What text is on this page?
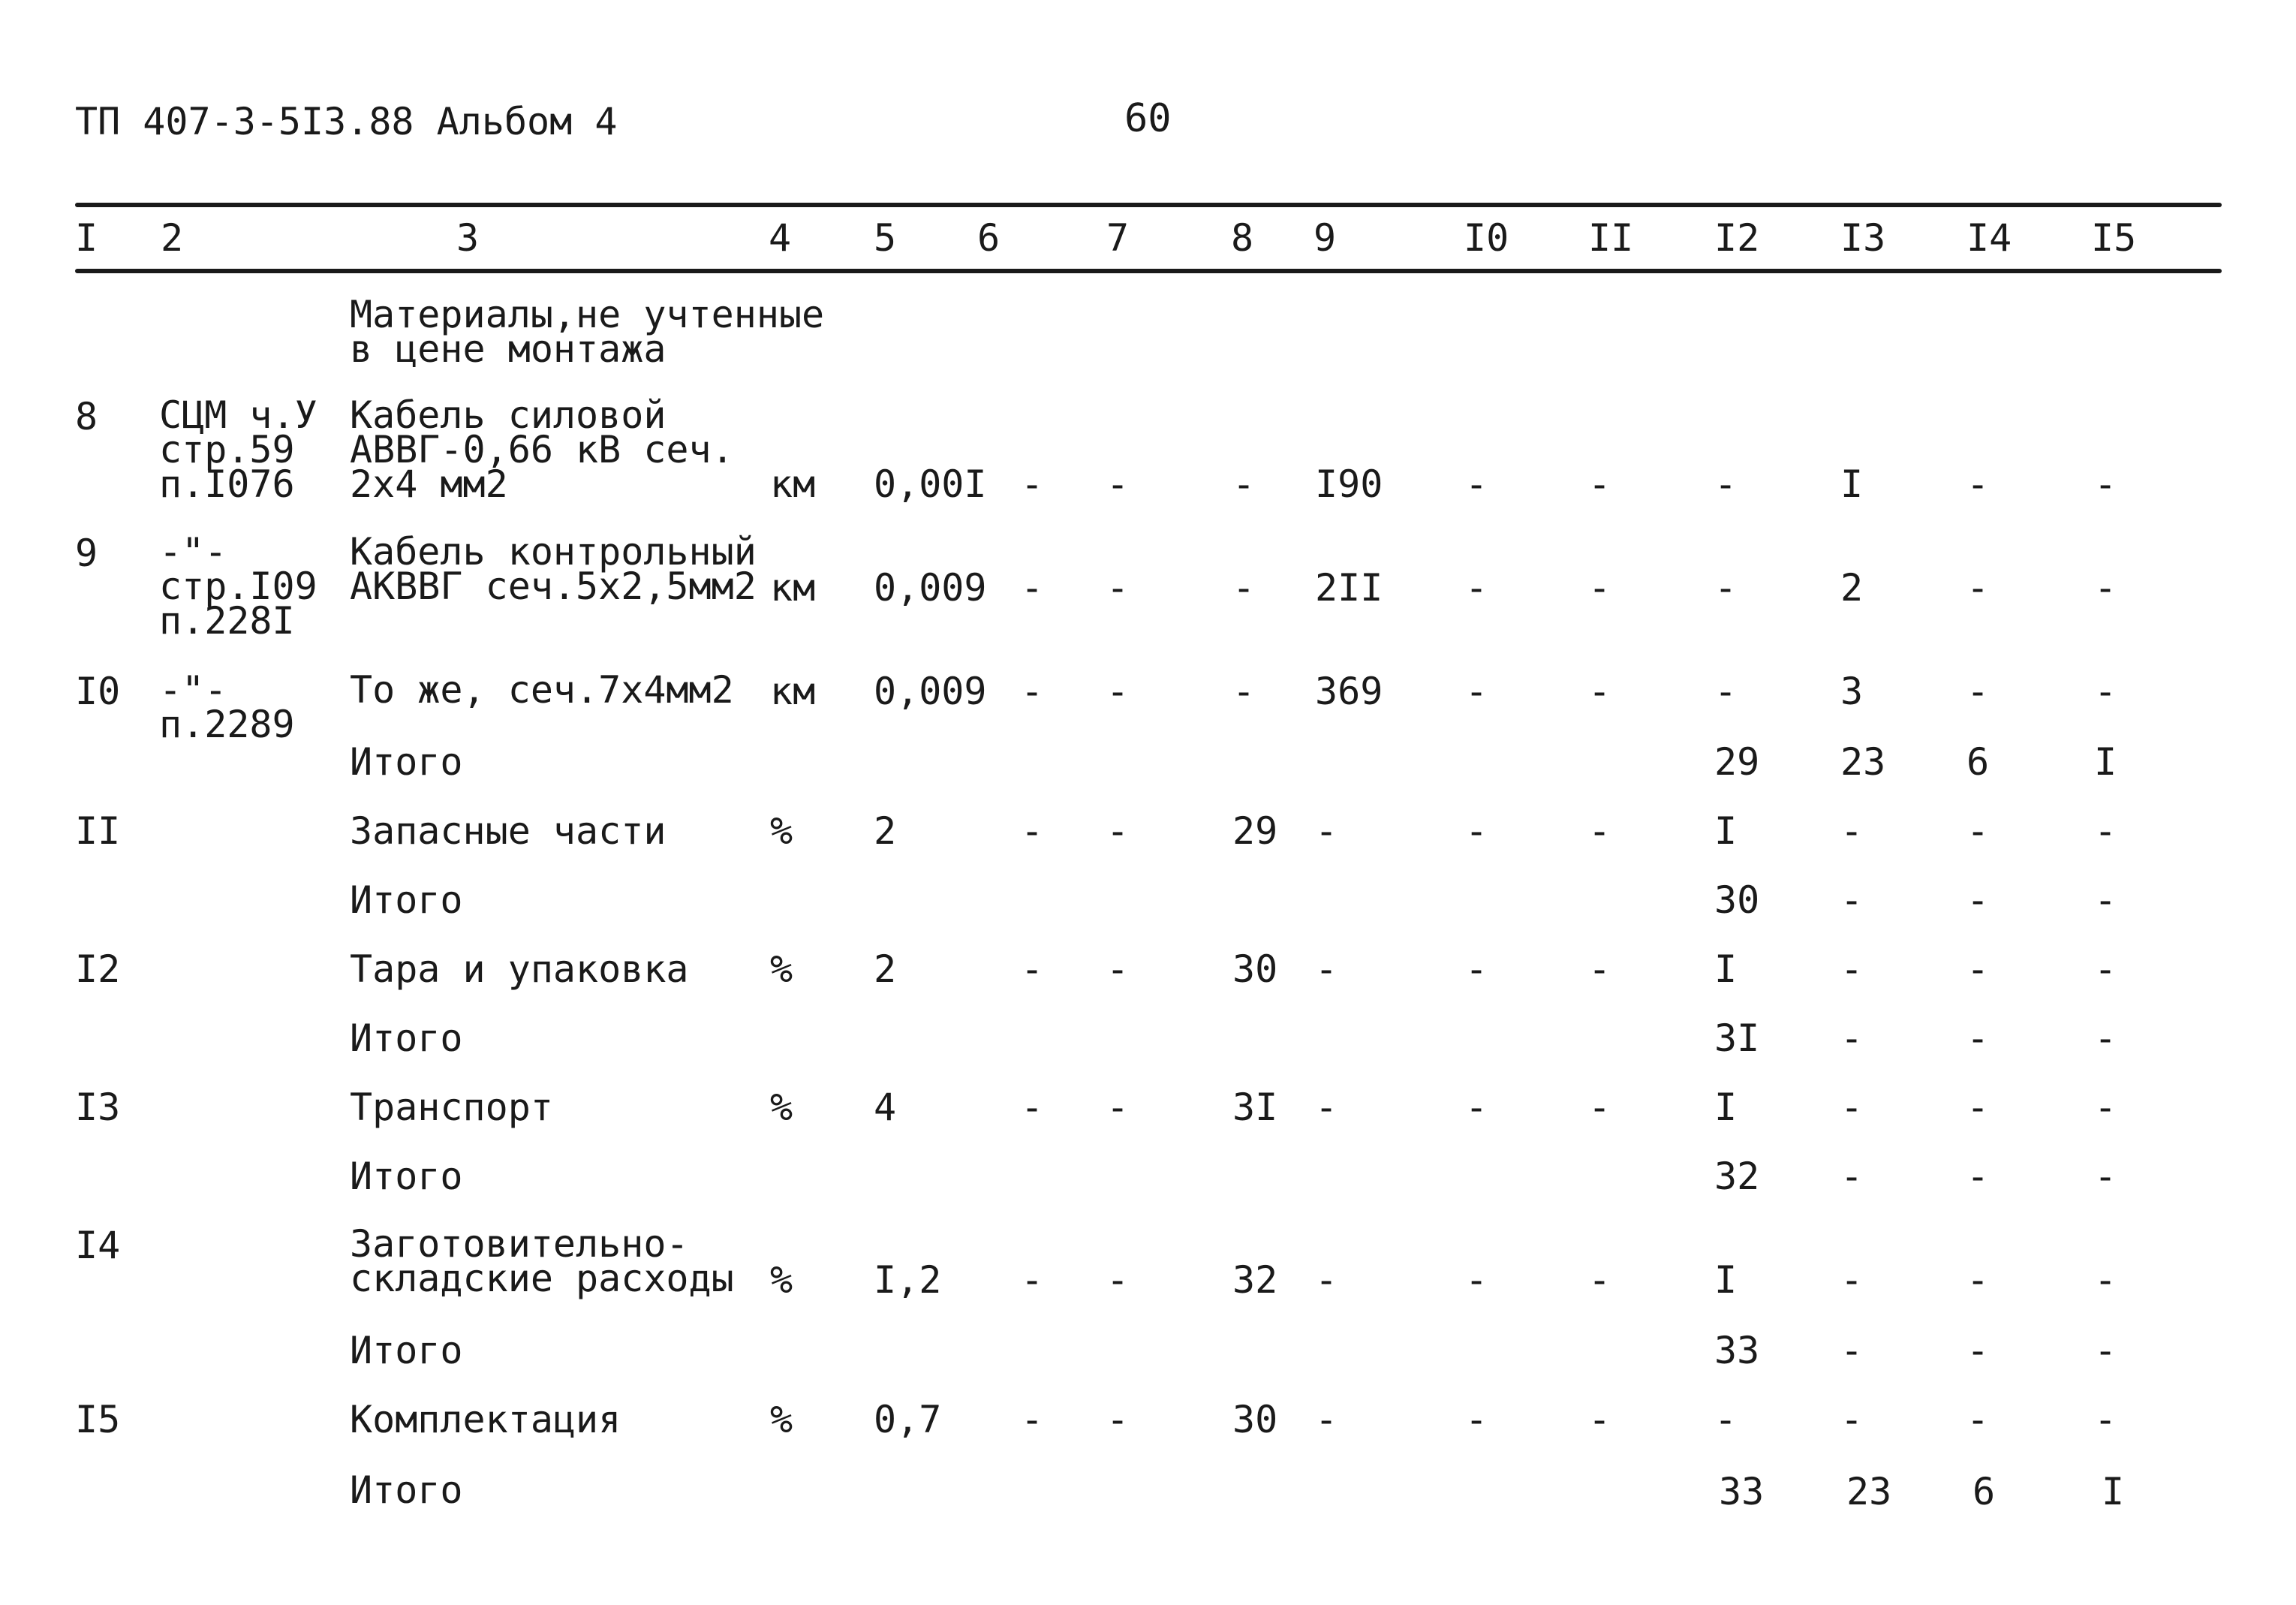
ТП 407-3-5I3.88 Альбом 4	60
I 2	3	4 5 6	7	8 9	I0 II I2 I3 I4 I5
Материалы,не учтенные
в цене монтажа
8 СЦМ ч.У
стр.59
п.I076
Кабель силовой
АВВГ-0,66 кВ сеч.
2х4 мм2	км 0,00I - -	- I90 -	-	-	I	-	-
9 -"-
стр.I09
п.228I
Кабель контрольный
АКВВГ сеч.5х2,5мм2 км 0,009 - -	- 2II -	-	-	2	-	-
I0 -"-
п.2289
То же, сеч.7х4мм2 км 0,009 - -	- 369 -	-	-	3	-	-
Итого	29 23 6	I
II	Запасные части	% 2	- -	29 -	-	-	I	-	-	-
Итого	30 -	-	-
I2	Тара и упаковка % 2	- -	30 -	-	-	I	-	-	-
Итого	3I -	-	-
I3	Транспорт	% 4	- -	3I -	-	-	I	-	-	-
Итого	32 -	-	-
I4	Заготовительно-
складские расходы % I,2 - -	32 -	-	-	I	-	-	-
Итого	33 -	-	-
I5	Комплектация	% 0,7 - -	30 -	-	-	-	-	-	-
Итого	33 23 6	I
